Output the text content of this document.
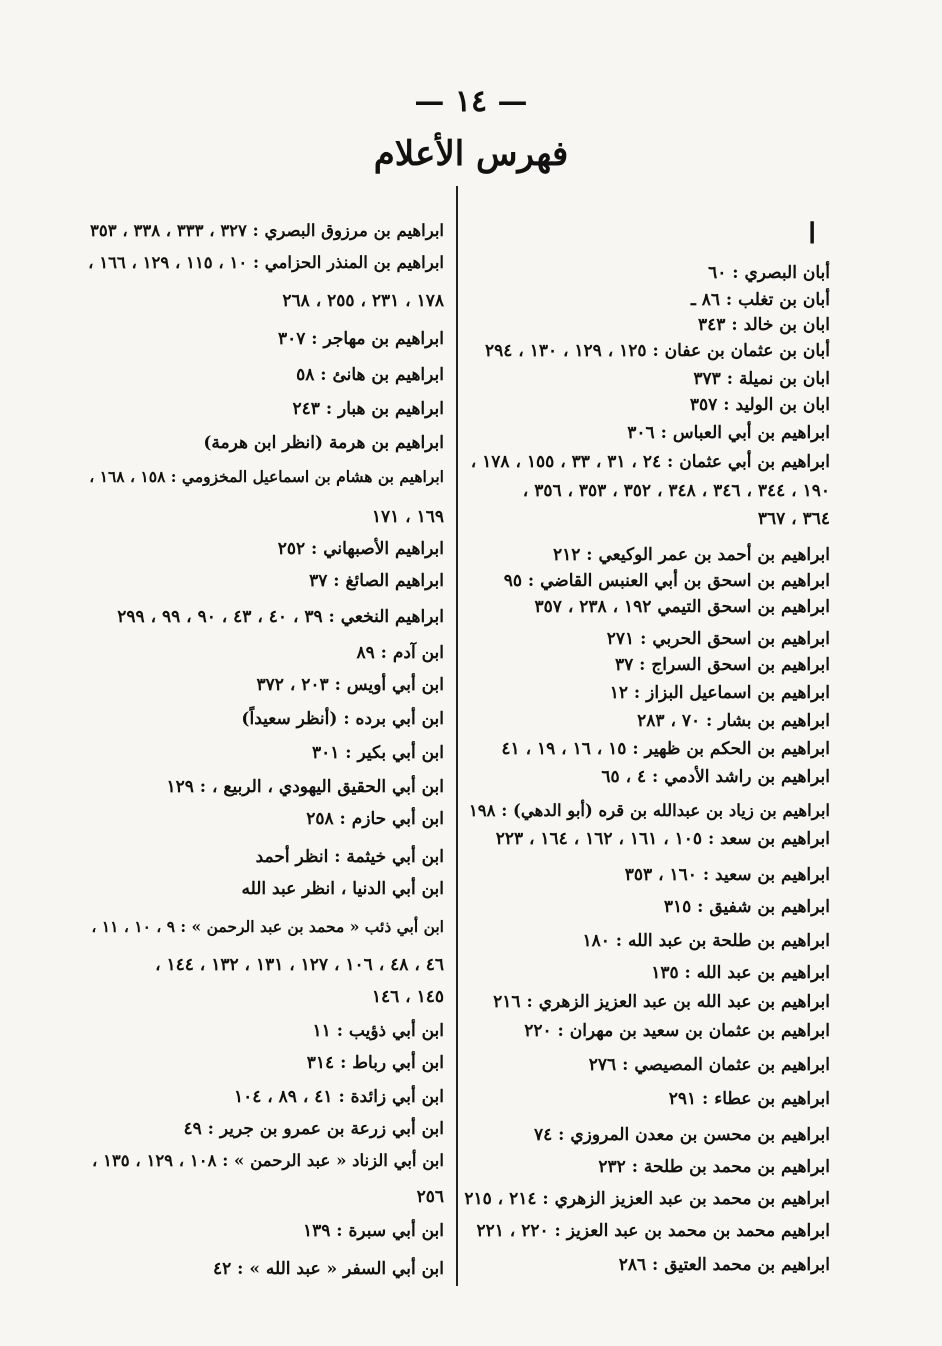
— ١٤ —
فهرس الأعلام
ا
أبان البصري : ٦٠
أبان بن تغلب : ٨٦ ـ
ابان بن خالد : ٣٤٣
أبان بن عثمان بن عفان : ١٢٥ ، ١٢٩ ، ١٣٠ ، ٢٩٤
ابان بن نميلة : ٣٧٣
ابان بن الوليد : ٣٥٧
ابراهيم بن أبي العباس : ٣٠٦
ابراهيم بن أبي عثمان : ٢٤ ، ٣١ ، ٣٣ ، ١٥٥ ، ١٧٨ ،
١٩٠ ، ٣٤٤ ، ٣٤٦ ، ٣٤٨ ، ٣٥٢ ، ٣٥٣ ، ٣٥٦ ،
٣٦٤ ، ٣٦٧
ابراهيم بن أحمد بن عمر الوكيعي : ٢١٢
ابراهيم بن اسحق بن أبي العنبس القاضي : ٩٥
ابراهيم بن اسحق التيمي ١٩٢ ، ٢٣٨ ، ٣٥٧
ابراهيم بن اسحق الحربي : ٢٧١
ابراهيم بن اسحق السراج : ٣٧
ابراهيم بن اسماعيل البزاز : ١٢
ابراهيم بن بشار : ٧٠ ، ٢٨٣
ابراهيم بن الحكم بن ظهير : ١٥ ، ١٦ ، ١٩ ، ٤١
ابراهيم بن راشد الأدمي : ٤ ، ٦٥
ابراهيم بن زياد بن عبدالله بن قره (أبو الدهي) : ١٩٨
ابراهيم بن سعد : ١٠٥ ، ١٦١ ، ١٦٢ ، ١٦٤ ، ٢٢٣
ابراهيم بن سعيد : ١٦٠ ، ٣٥٣
ابراهيم بن شفيق : ٣١٥
ابراهيم بن طلحة بن عبد الله : ١٨٠
ابراهيم بن عبد الله : ١٣٥
ابراهيم بن عبد الله بن عبد العزيز الزهري : ٢١٦
ابراهيم بن عثمان بن سعيد بن مهران : ٢٢٠
ابراهيم بن عثمان المصيصي : ٢٧٦
ابراهيم بن عطاء : ٢٩١
ابراهيم بن محسن بن معدن المروزي : ٧٤
ابراهيم بن محمد بن طلحة : ٢٣٢
ابراهيم بن محمد بن عبد العزيز الزهري : ٢١٤ ، ٢١٥
ابراهيم محمد بن محمد بن عبد العزيز : ٢٢٠ ، ٢٢١
ابراهيم بن محمد العتيق : ٢٨٦
ابراهيم بن مرزوق البصري : ٣٢٧ ، ٣٣٣ ، ٣٣٨ ، ٣٥٣
ابراهيم بن المنذر الحزامي : ١٠ ، ١١٥ ، ١٢٩ ، ١٦٦ ،
١٧٨ ، ٢٣١ ، ٢٥٥ ، ٢٦٨
ابراهيم بن مهاجر : ٣٠٧
ابراهيم بن هانئ : ٥٨
ابراهيم بن هبار : ٢٤٣
ابراهيم بن هرمة (انظر ابن هرمة)
ابراهيم بن هشام بن اسماعيل المخزومي : ١٥٨ ، ١٦٨ ،
١٦٩ ، ١٧١
ابراهيم الأصبهاني : ٢٥٢
ابراهيم الصائغ : ٣٧
ابراهيم النخعي : ٣٩ ، ٤٠ ، ٤٣ ، ٩٠ ، ٩٩ ، ٢٩٩
ابن آدم : ٨٩
ابن أبي أويس : ٢٠٣ ، ٣٧٢
ابن أبي برده : (أنظر سعيداً)
ابن أبي بكير : ٣٠١
ابن أبي الحقيق اليهودي ، الربيع ، : ١٢٩
ابن أبي حازم : ٢٥٨
ابن أبي خيثمة : انظر أحمد
ابن أبي الدنيا ، انظر عبد الله
ابن أبي ذئب « محمد بن عبد الرحمن » : ٩ ، ١٠ ، ١١ ،
٤٦ ، ٤٨ ، ١٠٦ ، ١٢٧ ، ١٣١ ، ١٣٢ ، ١٤٤ ،
١٤٥ ، ١٤٦
ابن أبي ذؤيب : ١١
ابن أبي رباط : ٣١٤
ابن أبي زائدة : ٤١ ، ٨٩ ، ١٠٤
ابن أبي زرعة بن عمرو بن جرير : ٤٩
ابن أبي الزناد « عبد الرحمن » : ١٠٨ ، ١٢٩ ، ١٣٥ ،
٢٥٦
ابن أبي سبرة : ١٣٩
ابن أبي السفر « عبد الله » : ٤٢
